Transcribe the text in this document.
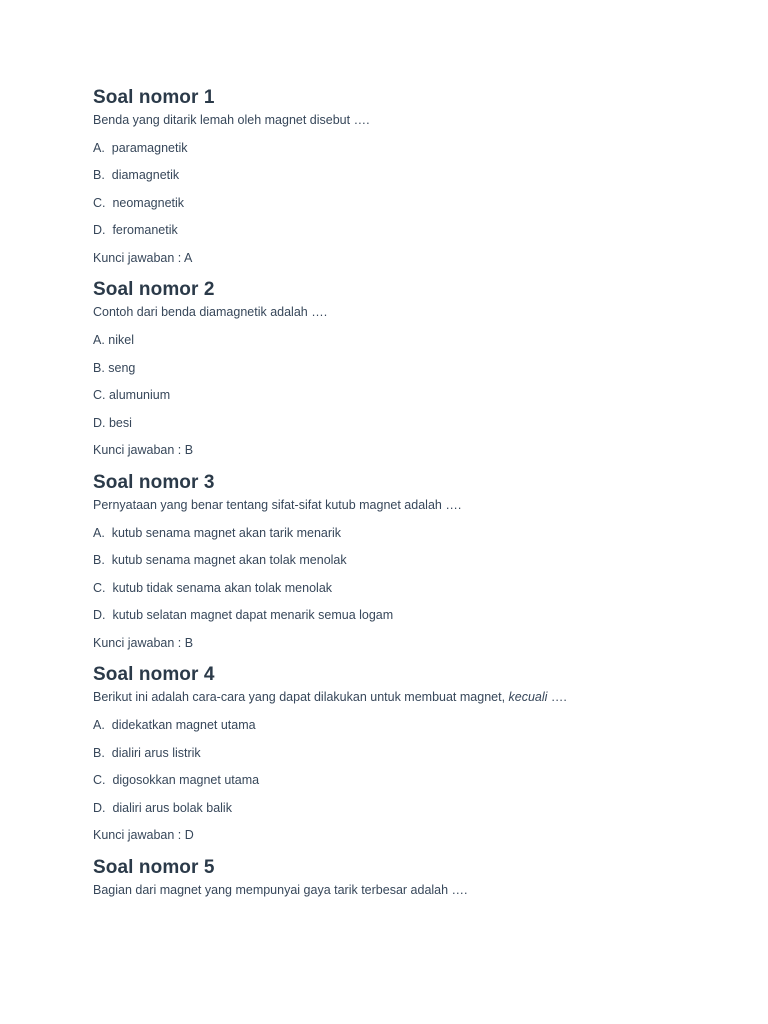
Soal nomor 1

Benda yang ditarik lemah oleh magnet disebut ….

A.  paramagnetik
B.  diamagnetik
C.  neomagnetik
D.  feromanetik

Kunci jawaban : A

Soal nomor 2

Contoh dari benda diamagnetik adalah ….

A. nikel
B. seng
C. alumunium
D. besi

Kunci jawaban : B

Soal nomor 3

Pernyataan yang benar tentang sifat-sifat kutub magnet adalah ….

A.  kutub senama magnet akan tarik menarik
B.  kutub senama magnet akan tolak menolak
C.  kutub tidak senama akan tolak menolak
D.  kutub selatan magnet dapat menarik semua logam

Kunci jawaban : B

Soal nomor 4

Berikut ini adalah cara-cara yang dapat dilakukan untuk membuat magnet, kecuali ….

A.  didekatkan magnet utama
B.  dialiri arus listrik
C.  digosokkan magnet utama
D.  dialiri arus bolak balik

Kunci jawaban : D

Soal nomor 5

Bagian dari magnet yang mempunyai gaya tarik terbesar adalah ….
